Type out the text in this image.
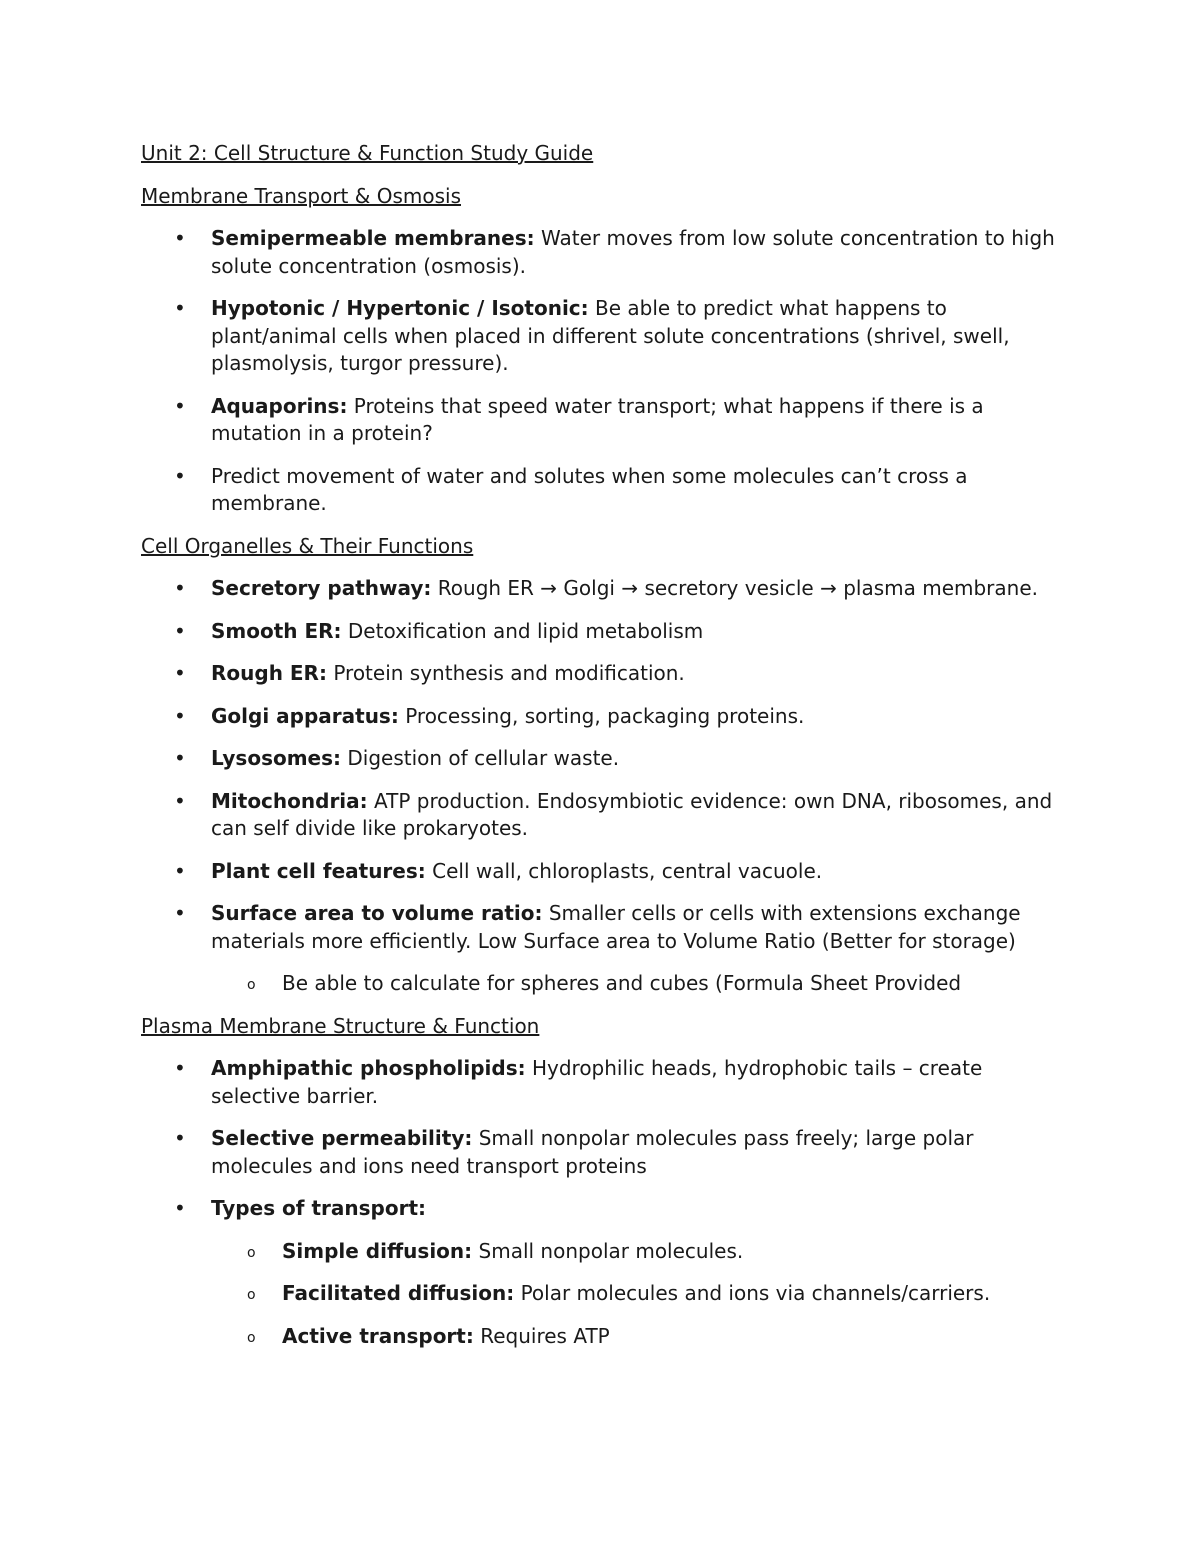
Unit 2: Cell Structure & Function Study Guide
Membrane Transport & Osmosis
• Semipermeable membranes: Water moves from low solute concentration to high solute concentration (osmosis).
• Hypotonic / Hypertonic / Isotonic: Be able to predict what happens to plant/animal cells when placed in different solute concentrations (shrivel, swell, plasmolysis, turgor pressure).
• Aquaporins: Proteins that speed water transport; what happens if there is a mutation in a protein?
• Predict movement of water and solutes when some molecules can’t cross a membrane.
Cell Organelles & Their Functions
• Secretory pathway: Rough ER → Golgi → secretory vesicle → plasma membrane.
• Smooth ER: Detoxification and lipid metabolism
• Rough ER: Protein synthesis and modification.
• Golgi apparatus: Processing, sorting, packaging proteins.
• Lysosomes: Digestion of cellular waste.
• Mitochondria: ATP production. Endosymbiotic evidence: own DNA, ribosomes, and can self divide like prokaryotes.
• Plant cell features: Cell wall, chloroplasts, central vacuole.
• Surface area to volume ratio: Smaller cells or cells with extensions exchange materials more efficiently. Low Surface area to Volume Ratio (Better for storage)
o Be able to calculate for spheres and cubes (Formula Sheet Provided
Plasma Membrane Structure & Function
• Amphipathic phospholipids: Hydrophilic heads, hydrophobic tails – create selective barrier.
• Selective permeability: Small nonpolar molecules pass freely; large polar molecules and ions need transport proteins
• Types of transport:
o Simple diffusion: Small nonpolar molecules.
o Facilitated diffusion: Polar molecules and ions via channels/carriers.
o Active transport: Requires ATP
